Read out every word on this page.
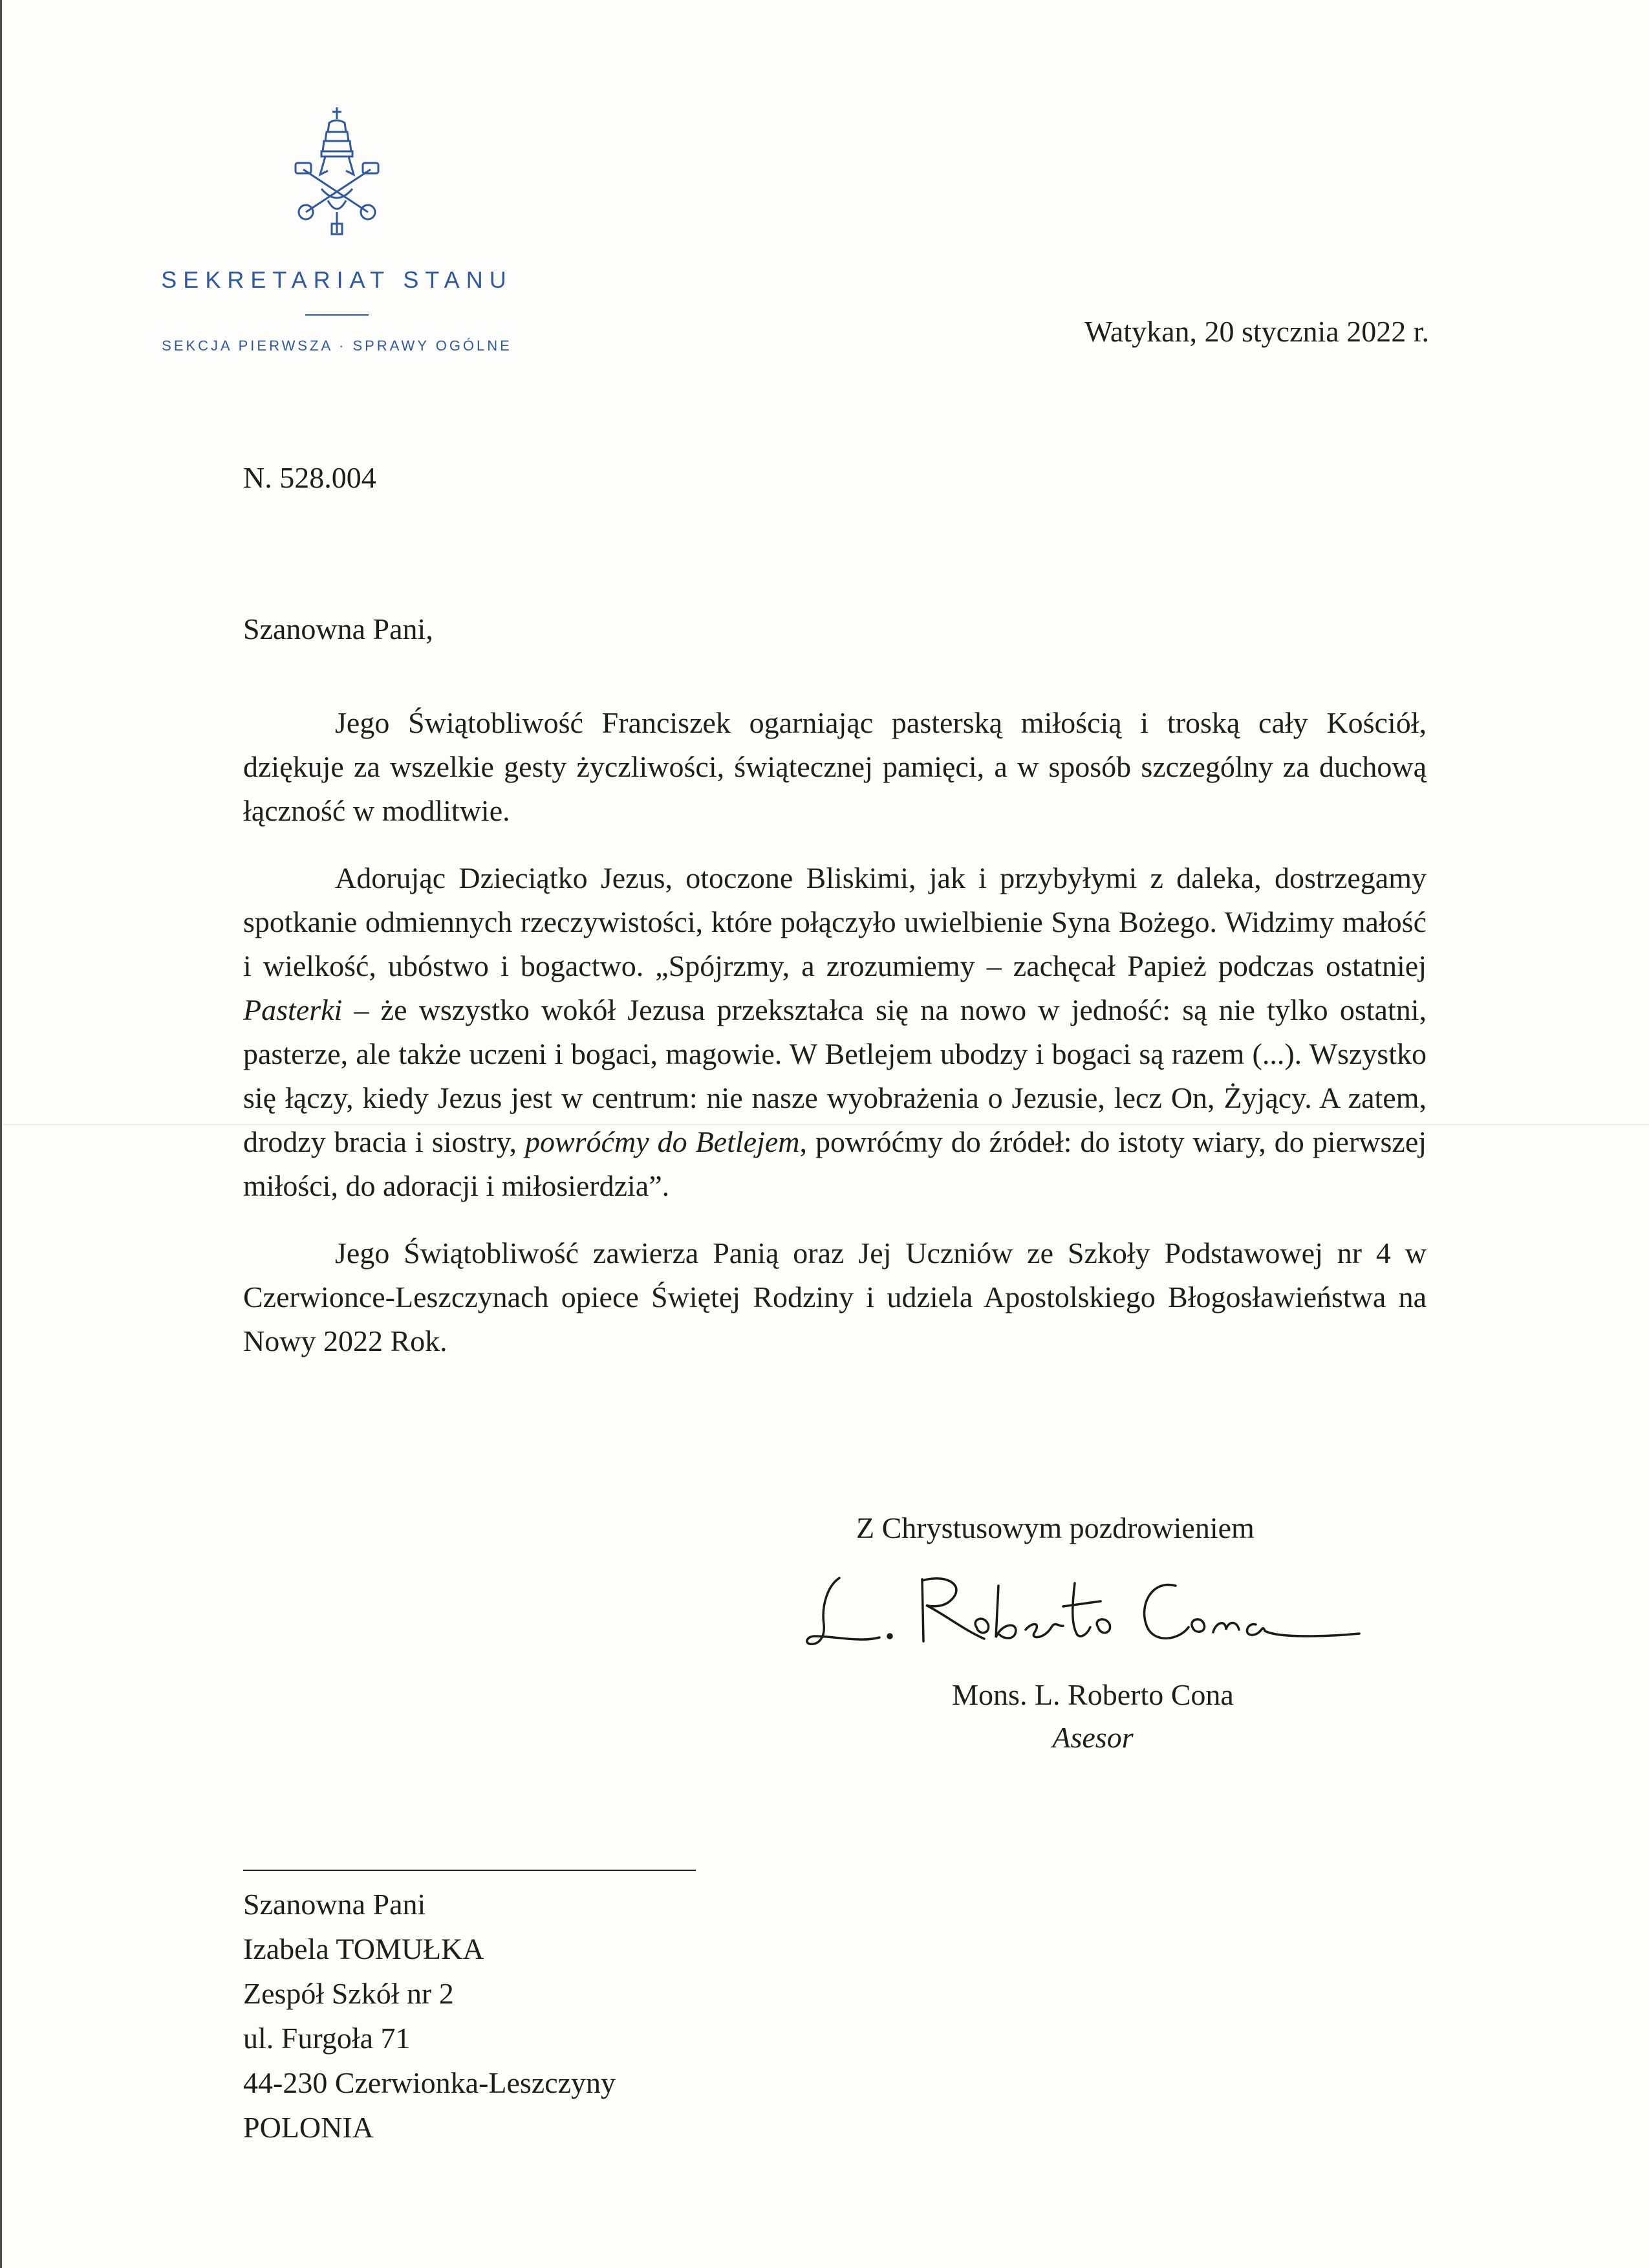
SEKRETARIAT STANU
SEKCJA PIERWSZA · SPRAWY OGÓLNE	Watykan, 20 stycznia 2022 r.
N. 528.004
Szanowna Pani,

Jego Świątobliwość Franciszek ogarniając pasterską miłością i troską cały Kościół, dziękuje za wszelkie gesty życzliwości, świątecznej pamięci, a w sposób szczególny za duchową łączność w modlitwie.

Adorując Dzieciątko Jezus, otoczone Bliskimi, jak i przybyłymi z daleka, dostrzegamy spotkanie odmiennych rzeczywistości, które połączyło uwielbienie Syna Bożego. Widzimy małość i wielkość, ubóstwo i bogactwo. „Spójrzmy, a zrozumiemy – zachęcał Papież podczas ostatniej Pasterki – że wszystko wokół Jezusa przekształca się na nowo w jedność: są nie tylko ostatni, pasterze, ale także uczeni i bogaci, magowie. W Betlejem ubodzy i bogaci są razem (...). Wszystko się łączy, kiedy Jezus jest w centrum: nie nasze wyobrażenia o Jezusie, lecz On, Żyjący. A zatem, drodzy bracia i siostry, powróćmy do Betlejem, powróćmy do źródeł: do istoty wiary, do pierwszej miłości, do adoracji i miłosierdzia”.

Jego Świątobliwość zawierza Panią oraz Jej Uczniów ze Szkoły Podstawowej nr 4 w Czerwionce-Leszczynach opiece Świętej Rodziny i udziela Apostolskiego Błogosławieństwa na Nowy 2022 Rok.

Z Chrystusowym pozdrowieniem
Mons. L. Roberto Cona
Asesor
Szanowna Pani
Izabela TOMUŁKA
Zespół Szkół nr 2
ul. Furgoła 71
44-230 Czerwionka-Leszczyny
POLONIA
